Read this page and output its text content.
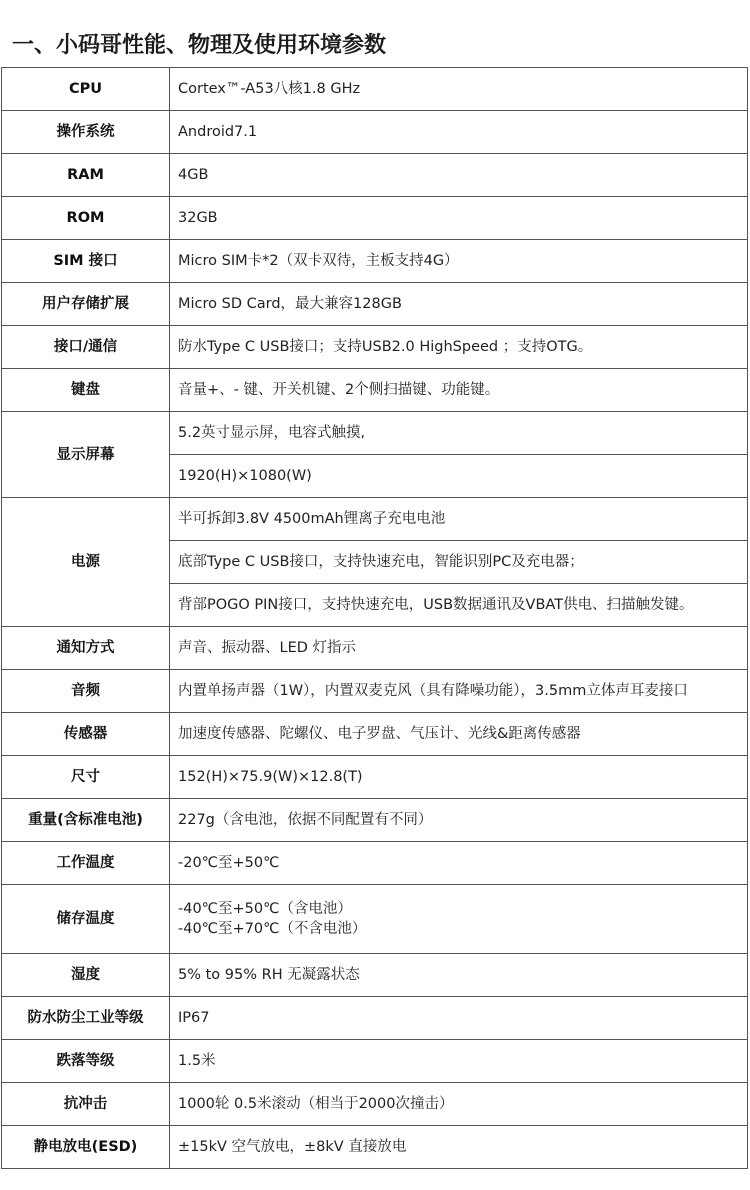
一、小码哥性能、物理及使用环境参数
CPU	Cortex™-A53八核1.8 GHz
操作系统	Android7.1
RAM	4GB
ROM	32GB
SIM 接口	Micro SIM卡*2（双卡双待，主板支持4G）
用户存储扩展	Micro SD Card，最大兼容128GB
接口/通信	防水Type C USB接口；支持USB2.0 HighSpeed ；支持OTG。
键盘	音量+、- 键、开关机键、2个侧扫描键、功能键。
显示屏幕	5.2英寸显示屏，电容式触摸,
	1920(H)×1080(W)
电源	半可拆卸3.8V 4500mAh锂离子充电电池
	底部Type C USB接口，支持快速充电，智能识别PC及充电器；
	背部POGO PIN接口，支持快速充电，USB数据通讯及VBAT供电、扫描触发键。
通知方式	声音、振动器、LED 灯指示
音频	内置单扬声器（1W），内置双麦克风（具有降噪功能），3.5mm立体声耳麦接口
传感器	加速度传感器、陀螺仪、电子罗盘、气压计、光线&距离传感器
尺寸	152(H)×75.9(W)×12.8(T)
重量(含标准电池)	227g（含电池，依据不同配置有不同）
工作温度	-20℃至+50℃
储存温度	-40℃至+50℃（含电池）
-40℃至+70℃（不含电池）

湿度	5% to 95% RH 无凝露状态
防水防尘工业等级	IP67
跌落等级	1.5米
抗冲击	1000轮 0.5米滚动（相当于2000次撞击）
静电放电(ESD)	±15kV 空气放电，±8kV 直接放电
